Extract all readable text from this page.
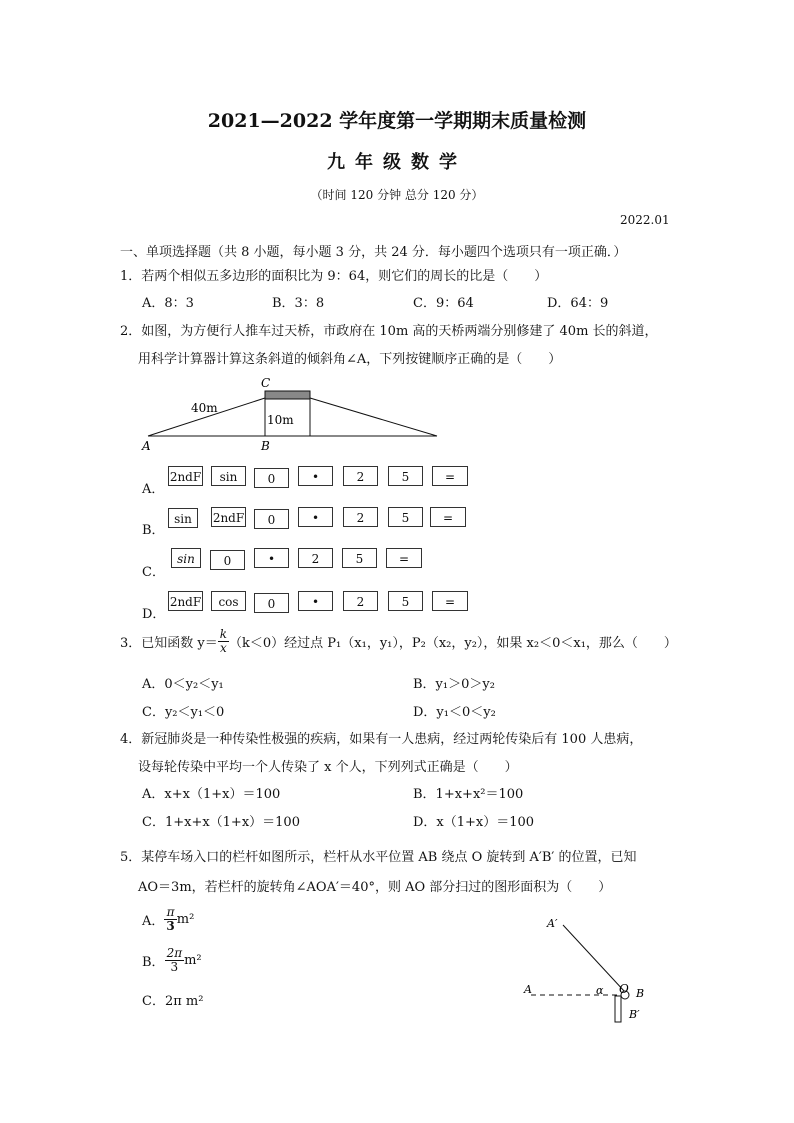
2021—2022 学年度第一学期期末质量检测
九年级数学
（时间 120 分钟 总分 120 分）
2022.01
一、单项选择题（共 8 小题，每小题 3 分，共 24 分．每小题四个选项只有一项正确．）
1．若两个相似五多边形的面积比为 9：64，则它们的周长的比是（　　）
A．8：3	B．3：8	C．9：64	D．64：9
2．如图，为方便行人推车过天桥，市政府在 10m 高的天桥两端分别修建了 40m 长的斜道，
用科学计算器计算这条斜道的倾斜角∠A，下列按键顺序正确的是（　　）
C
40m
10m
A	B
A．
2ndF	sin	0	•	2	5	=
B．
sin	2ndF	0	•	2	5	=
C．
sin	0	•	2	5	=
D．
2ndF	cos	0	•	2	5	=
3．已知函数 $y= \frac{k}{x} (k<0)$经过点 P₁（x₁，y₁），P₂（x₂，y₂），如果 x₂＜0＜x₁，那么（　　）
A．0＜y₂＜y₁	B．y₁＞0＞y₂
C．y₂＜y₁＜0	D．y₁＜0＜y₂
4．新冠肺炎是一种传染性极强的疾病，如果有一人患病，经过两轮传染后有 100 人患病，
设每轮传染中平均一个人传染了 x 个人，下列列式正确是（　　）
A．x+x（1+x）＝100	B．1+x+x²＝100
C．1+x+x（1+x）＝100	D．x（1+x）＝100
5．某停车场入口的栏杆如图所示，栏杆从水平位置 AB 绕点 O 旋转到 A′B′ 的位置，已知
AO＝3m，若栏杆的旋转角∠AOA′＝40°，则 AO 部分扫过的图形面积为（　　）
A． $\frac{\pi}{3} m^2$
B． $\frac{2\pi}{3} m^2$
C．2π m²
A′
A	α O B
B′
